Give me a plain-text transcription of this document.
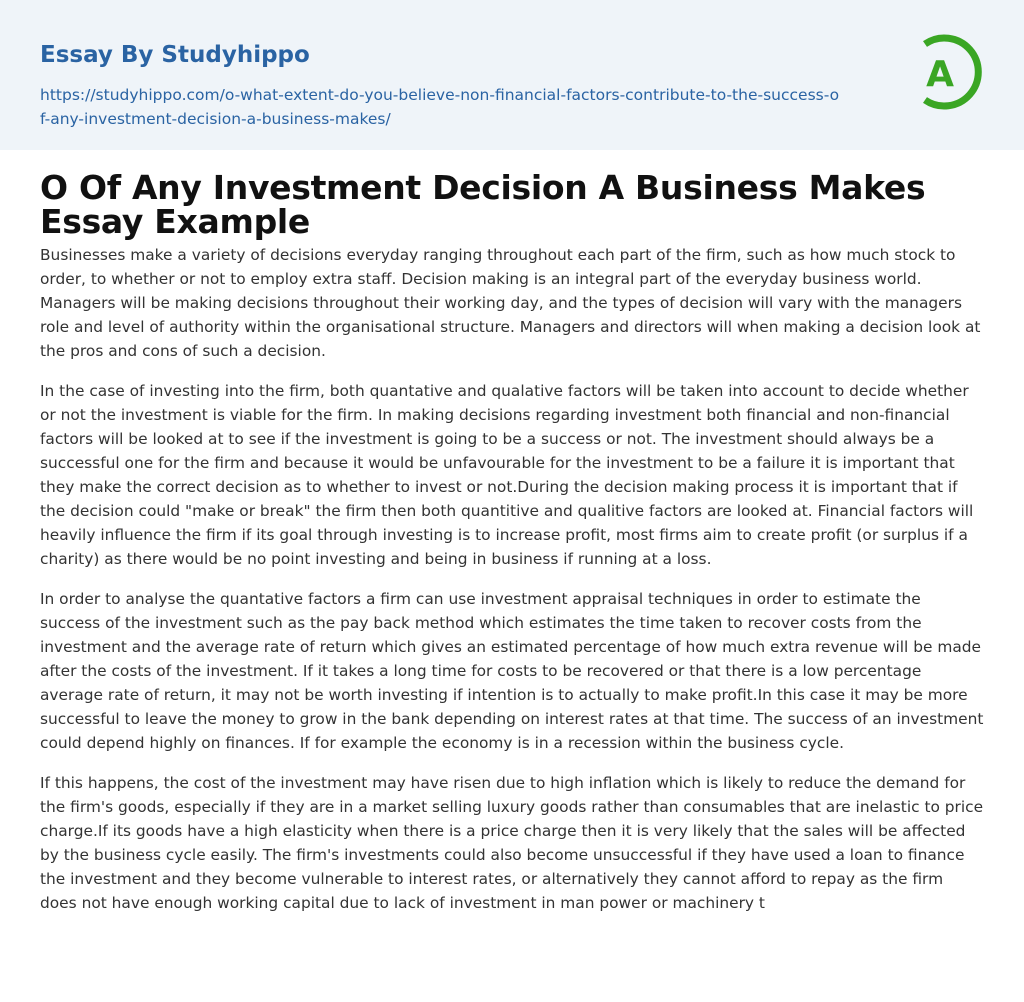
Essay By Studyhippo
https://studyhippo.com/o-what-extent-do-you-believe-non-financial-factors-contribute-to-the-success-of-any-investment-decision-a-business-makes/
A
O Of Any Investment Decision A Business Makes Essay Example

Businesses make a variety of decisions everyday ranging throughout each part of the firm, such as how much stock to order, to whether or not to employ extra staff. Decision making is an integral part of the everyday business world. Managers will be making decisions throughout their working day, and the types of decision will vary with the managers role and level of authority within the organisational structure. Managers and directors will when making a decision look at the pros and cons of such a decision.

In the case of investing into the firm, both quantative and qualative factors will be taken into account to decide whether or not the investment is viable for the firm. In making decisions regarding investment both financial and non-financial factors will be looked at to see if the investment is going to be a success or not. The investment should always be a successful one for the firm and because it would be unfavourable for the investment to be a failure it is important that they make the correct decision as to whether to invest or not.During the decision making process it is important that if the decision could "make or break" the firm then both quantitive and qualitive factors are looked at. Financial factors will heavily influence the firm if its goal through investing is to increase profit, most firms aim to create profit (or surplus if a charity) as there would be no point investing and being in business if running at a loss.

In order to analyse the quantative factors a firm can use investment appraisal techniques in order to estimate the success of the investment such as the pay back method which estimates the time taken to recover costs from the investment and the average rate of return which gives an estimated percentage of how much extra revenue will be made after the costs of the investment. If it takes a long time for costs to be recovered or that there is a low percentage average rate of return, it may not be worth investing if intention is to actually to make profit.In this case it may be more successful to leave the money to grow in the bank depending on interest rates at that time. The success of an investment could depend highly on finances. If for example the economy is in a recession within the business cycle.

If this happens, the cost of the investment may have risen due to high inflation which is likely to reduce the demand for the firm's goods, especially if they are in a market selling luxury goods rather than consumables that are inelastic to price charge.If its goods have a high elasticity when there is a price charge then it is very likely that the sales will be affected by the business cycle easily. The firm's investments could also become unsuccessful if they have used a loan to finance the investment and they become vulnerable to interest rates, or alternatively they cannot afford to repay as the firm does not have enough working capital due to lack of investment in man power or machinery t
